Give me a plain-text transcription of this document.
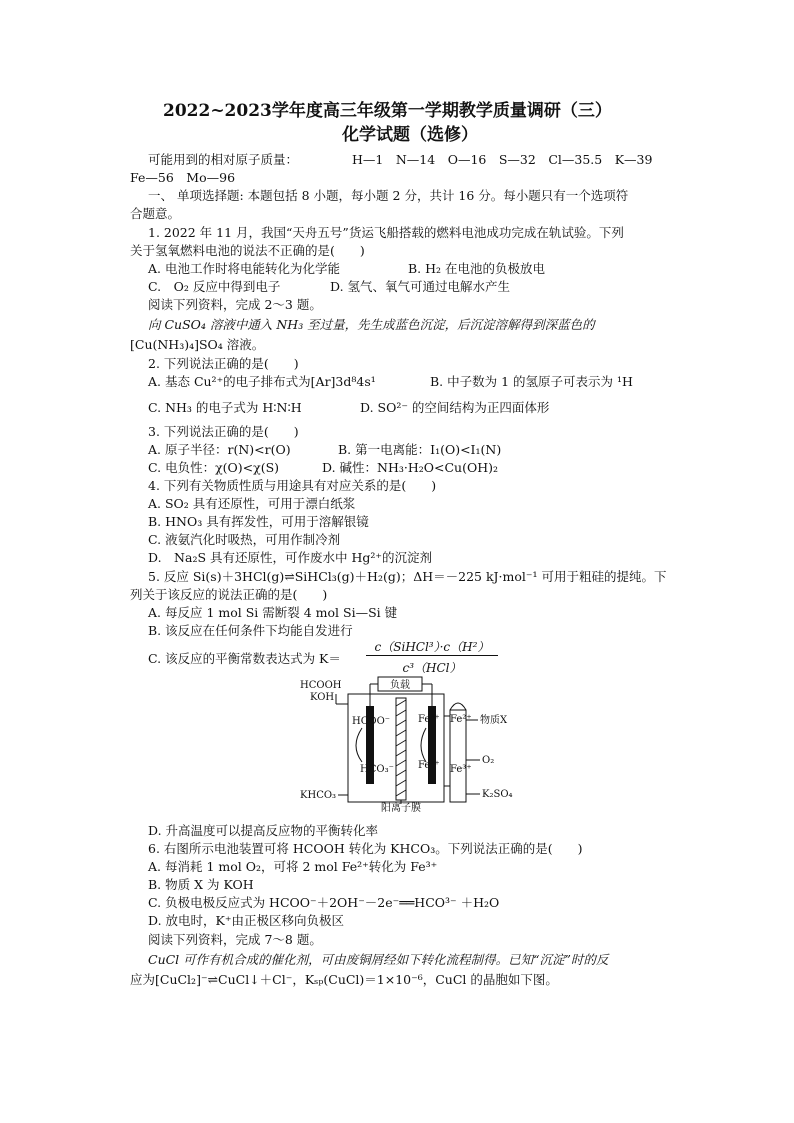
2022~2023学年度高三年级第一学期教学质量调研（三）
化学试题（选修）
可能用到的相对原子质量：	H—1　N—14　O—16　S—32　Cl—35.5　K—39
Fe—56　Mo—96
一、 单项选择题: 本题包括 8 小题，每小题 2 分，共计 16 分。每小题只有一个选项符
合题意。
1. 2022 年 11 月，我国“天舟五号”货运飞船搭载的燃料电池成功完成在轨试验。下列
关于氢氧燃料电池的说法不正确的是(　　)
A. 电池工作时将电能转化为化学能	B. H₂ 在电池的负极放电
C.　O₂ 反应中得到电子	D. 氢气、氧气可通过电解水产生
阅读下列资料，完成 2～3 题。
向 CuSO₄ 溶液中通入 NH₃ 至过量，先生成蓝色沉淀，后沉淀溶解得到深蓝色的
[Cu(NH₃)₄]SO₄ 溶液。
2. 下列说法正确的是(　　)
A. 基态 Cu²⁺的电子排布式为[Ar]3d⁸4s¹	B. 中子数为 1 的氢原子可表示为 ¹H
C. NH₃ 的电子式为 H∶N∶H	D. SO²⁻ 的空间结构为正四面体形
3. 下列说法正确的是(　　)
A. 原子半径：r(N)<r(O)	B. 第一电离能：I₁(O)<I₁(N)
C. 电负性：χ(O)<χ(S)	D. 碱性：NH₃·H₂O<Cu(OH)₂
4. 下列有关物质性质与用途具有对应关系的是(　　)
A. SO₂ 具有还原性，可用于漂白纸浆
B. HNO₃ 具有挥发性，可用于溶解银镜
C. 液氨汽化时吸热，可用作制冷剂
D.　Na₂S 具有还原性，可作废水中 Hg²⁺的沉淀剂
5. 反应 Si(s)＋3HCl(g)⇌SiHCl₃(g)＋H₂(g)；ΔH＝－225 kJ·mol⁻¹ 可用于粗硅的提纯。下
列关于该反应的说法正确的是(　　)
A. 每反应 1 mol Si 需断裂 4 mol Si—Si 键
B. 该反应在任何条件下均能自发进行
C. 该反应的平衡常数表达式为 K＝
c（SiHCl³）·c（H²）
c³（HCl）
负载
HCOOH
KOH
HCOO⁻
HCO₃⁻
KHCO₃
Fe²⁺
Fe³⁺
Fe²⁺
Fe³⁺
物质X
O₂
K₂SO₄
阳离子膜
D. 升高温度可以提高反应物的平衡转化率
6. 右图所示电池装置可将 HCOOH 转化为 KHCO₃。下列说法正确的是(　　)
A. 每消耗 1 mol O₂，可将 2 mol Fe²⁺转化为 Fe³⁺
B. 物质 X 为 KOH
C. 负极电极反应式为 HCOO⁻＋2OH⁻－2e⁻══HCO³⁻ ＋H₂O
D. 放电时，K⁺由正极区移向负极区
阅读下列资料，完成 7～8 题。
CuCl 可作有机合成的催化剂，可由废铜屑经如下转化流程制得。已知“沉淀”时的反
应为[CuCl₂]⁻⇌CuCl↓＋Cl⁻，Kₛₚ(CuCl)＝1×10⁻⁶，CuCl 的晶胞如下图。
